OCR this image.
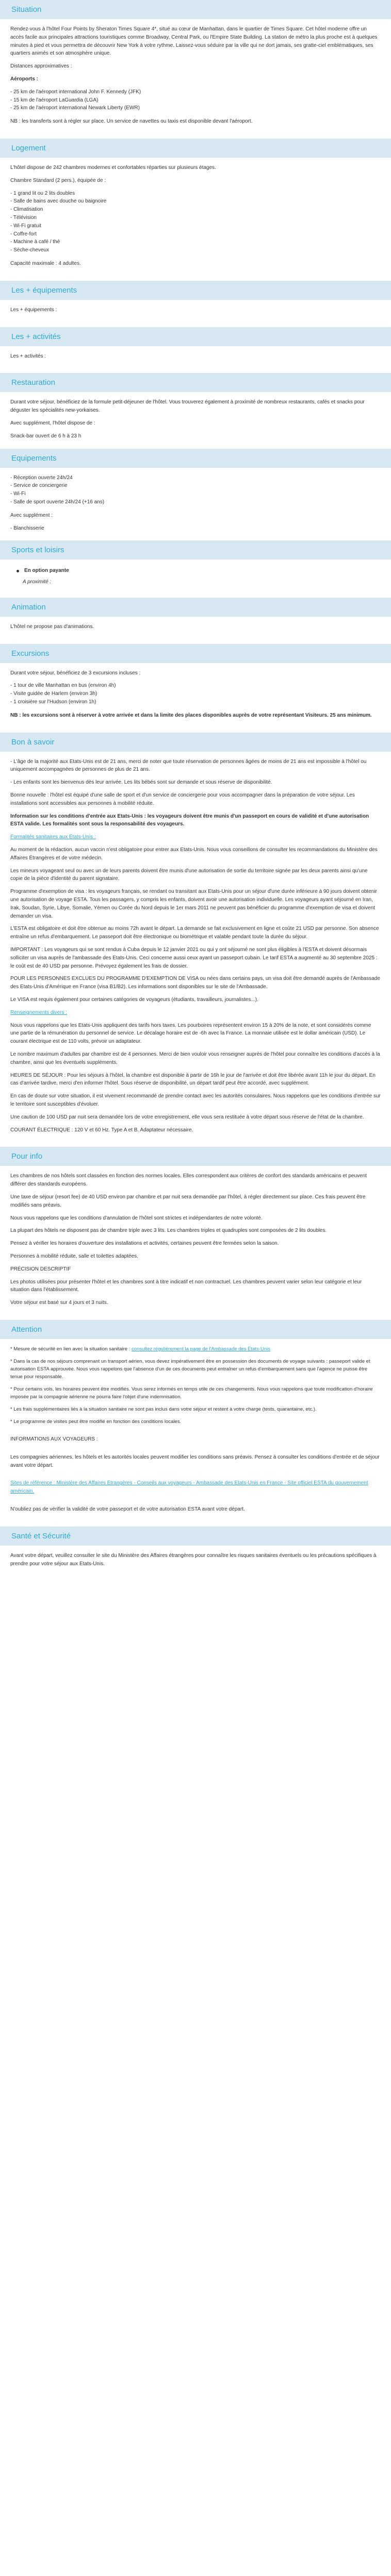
Situation

Rendez-vous à l'hôtel Four Points by Sheraton Times Square 4*, situé au cœur de Manhattan, dans le quartier de Times Square. Cet hôtel moderne offre un accès facile aux principales attractions touristiques comme Broadway, Central Park, ou l'Empire State Building. La station de métro la plus proche est à quelques minutes à pied et vous permettra de découvrir New York à votre rythme. Laissez-vous séduire par la ville qui ne dort jamais, ses gratte-ciel emblématiques, ses quartiers animés et son atmosphère unique.

Distances approximatives :

Aéroports :

- 25 km de l'aéroport international John F. Kennedy (JFK)
- 15 km de l'aéroport LaGuardia (LGA)
- 25 km de l'aéroport international Newark Liberty (EWR)

NB : les transferts sont à régler sur place. Un service de navettes ou taxis est disponible devant l'aéroport.

Logement

L'hôtel dispose de 242 chambres modernes et confortables réparties sur plusieurs étages.

Chambre Standard (2 pers.), équipée de :

- 1 grand lit ou 2 lits doubles
- Salle de bains avec douche ou baignoire
- Climatisation
- Télévision
- Wi-Fi gratuit
- Coffre-fort
- Machine à café / thé
- Sèche-cheveux

Capacité maximale : 4 adultes.

Les + équipements

Les + équipements :

Les + activités

Les + activités :

Restauration

Durant votre séjour, bénéficiez de la formule petit-déjeuner de l'hôtel. Vous trouverez également à proximité de nombreux restaurants, cafés et snacks pour déguster les spécialités new-yorkaises.

Avec supplément, l'hôtel dispose de :

Snack-bar ouvert de 6 h à 23 h
Equipements
- Réception ouverte 24h/24
- Service de conciergerie
- Wi-Fi
- Salle de sport ouverte 24h/24 (+16 ans)

Avec supplément :

- Blanchisserie
Sports et loisirs
En option payante

A proximité :

Animation

L'hôtel ne propose pas d'animations.

Excursions

Durant votre séjour, bénéficiez de 3 excursions incluses :

- 1 tour de ville Manhattan en bus (environ 4h)
- Visite guidée de Harlem (environ 3h)
- 1 croisière sur l'Hudson (environ 1h)

NB : les excursions sont à réserver à votre arrivée et dans la limite des places disponibles auprès de votre représentant Visiteurs. 25 ans minimum.

Bon à savoir

- L'âge de la majorité aux Etats-Unis est de 21 ans, merci de noter que toute réservation de personnes âgées de moins de 21 ans est impossible à l'hôtel ou uniquement accompagnées de personnes de plus de 21 ans.

- Les enfants sont les bienvenus dès leur arrivée. Les lits bébés sont sur demande et sous réserve de disponibilité.

Bonne nouvelle : l'hôtel est équipé d'une salle de sport et d'un service de conciergerie pour vous accompagner dans la préparation de votre séjour. Les installations sont accessibles aux personnes à mobilité réduite.

Information sur les conditions d'entrée aux Etats-Unis : les voyageurs doivent être munis d'un passeport en cours de validité et d'une autorisation ESTA valide. Les formalités sont sous la responsabilité des voyageurs.

Formalités sanitaires aux Etats-Unis :

Au moment de la rédaction, aucun vaccin n'est obligatoire pour entrer aux Etats-Unis. Nous vous conseillons de consulter les recommandations du Ministère des Affaires Étrangères et de votre médecin.

Les mineurs voyageant seul ou avec un de leurs parents doivent être munis d'une autorisation de sortie du territoire signée par les deux parents ainsi qu'une copie de la pièce d'identité du parent signataire.

Programme d'exemption de visa : les voyageurs français, se rendant ou transitant aux Etats-Unis pour un séjour d'une durée inférieure à 90 jours doivent obtenir une autorisation de voyage ESTA. Tous les passagers, y compris les enfants, doivent avoir une autorisation individuelle. Les voyageurs ayant séjourné en Iran, Irak, Soudan, Syrie, Libye, Somalie, Yémen ou Corée du Nord depuis le 1er mars 2011 ne peuvent pas bénéficier du programme d'exemption de visa et doivent demander un visa.

L'ESTA est obligatoire et doit être obtenue au moins 72h avant le départ. La demande se fait exclusivement en ligne et coûte 21 USD par personne. Son absence entraîne un refus d'embarquement. Le passeport doit être électronique ou biométrique et valable pendant toute la durée du séjour.

IMPORTANT : Les voyageurs qui se sont rendus à Cuba depuis le 12 janvier 2021 ou qui y ont séjourné ne sont plus éligibles à l'ESTA et doivent désormais solliciter un visa auprès de l'ambassade des Etats-Unis. Ceci concerne aussi ceux ayant un passeport cubain. Le tarif ESTA a augmenté au 30 septembre 2025 : le coût est de 40 USD par personne. Prévoyez également les frais de dossier.

POUR LES PERSONNES EXCLUES DU PROGRAMME D'EXEMPTION DE VISA ou nées dans certains pays, un visa doit être demandé auprès de l'Ambassade des Etats-Unis d'Amérique en France (visa B1/B2). Les informations sont disponibles sur le site de l'Ambassade.

Le VISA est requis également pour certaines catégories de voyageurs (étudiants, travailleurs, journalistes...).

Renseignements divers :

Nous vous rappelons que les Etats-Unis appliquent des tarifs hors taxes. Les pourboires représentent environ 15 à 20% de la note, et sont considérés comme une partie de la rémunération du personnel de service. Le décalage horaire est de -6h avec la France. La monnaie utilisée est le dollar américain (USD). Le courant électrique est de 110 volts, prévoir un adaptateur.

Le nombre maximum d'adultes par chambre est de 4 personnes. Merci de bien vouloir vous renseigner auprès de l'hôtel pour connaître les conditions d'accès à la chambre, ainsi que les éventuels suppléments.

HEURES DE SÉJOUR : Pour les séjours à l'hôtel, la chambre est disponible à partir de 16h le jour de l'arrivée et doit être libérée avant 11h le jour du départ. En cas d'arrivée tardive, merci d'en informer l'hôtel. Sous réserve de disponibilité, un départ tardif peut être accordé, avec supplément.

En cas de doute sur votre situation, il est vivement recommandé de prendre contact avec les autorités consulaires. Nous rappelons que les conditions d'entrée sur le territoire sont susceptibles d'évoluer.

Une caution de 100 USD par nuit sera demandée lors de votre enregistrement, elle vous sera restituée à votre départ sous réserve de l'état de la chambre.

COURANT ÉLECTRIQUE : 120 V et 60 Hz. Type A et B. Adaptateur nécessaire.

Pour info

Les chambres de nos hôtels sont classées en fonction des normes locales. Elles correspondent aux critères de confort des standards américains et peuvent différer des standards européens.

Une taxe de séjour (resort fee) de 40 USD environ par chambre et par nuit sera demandée par l'hôtel, à régler directement sur place. Ces frais peuvent être modifiés sans préavis.

Nous vous rappelons que les conditions d'annulation de l'hôtel sont strictes et indépendantes de notre volonté.

La plupart des hôtels ne disposent pas de chambre triple avec 3 lits. Les chambres triples et quadruples sont composées de 2 lits doubles.

Pensez à vérifier les horaires d'ouverture des installations et activités, certaines peuvent être fermées selon la saison.

Personnes à mobilité réduite, salle et toilettes adaptées.

PRÉCISION DESCRIPTIF

Les photos utilisées pour présenter l'hôtel et les chambres sont à titre indicatif et non contractuel. Les chambres peuvent varier selon leur catégorie et leur situation dans l'établissement.

Votre séjour est basé sur 4 jours et 3 nuits.

Attention

* Mesure de sécurité en lien avec la situation sanitaire : consultez régulièrement la page de l'Ambassade des Etats-Unis

* Dans la cas de nos séjours comprenant un transport aérien, vous devez impérativement être en possession des documents de voyage suivants : passeport valide et autorisation ESTA approuvée. Nous vous rappelons que l'absence d'un de ces documents peut entraîner un refus d'embarquement sans que l'agence ne puisse être tenue pour responsable.

* Pour certains vols, les horaires peuvent être modifiés. Vous serez informés en temps utile de ces changements. Nous vous rappelons que toute modification d'horaire imposée par la compagnie aérienne ne pourra faire l'objet d'une indemnisation.

* Les frais supplémentaires liés à la situation sanitaire ne sont pas inclus dans votre séjour et restent à votre charge (tests, quarantaine, etc.).

* Le programme de visites peut être modifié en fonction des conditions locales.

INFORMATIONS AUX VOYAGEURS :

Les compagnies aériennes, les hôtels et les autorités locales peuvent modifier les conditions sans préavis. Pensez à consulter les conditions d'entrée et de séjour avant votre départ.

Sites de référence : Ministère des Affaires Etrangères - Conseils aux voyageurs - Ambassade des Etats-Unis en France - Site officiel ESTA du gouvernement américain.

N'oubliez pas de vérifier la validité de votre passeport et de votre autorisation ESTA avant votre départ.

Santé et Sécurité

Avant votre départ, veuillez consulter le site du Ministère des Affaires étrangères pour connaître les risques sanitaires éventuels ou les précautions spécifiques à prendre pour votre séjour aux Etats-Unis.
